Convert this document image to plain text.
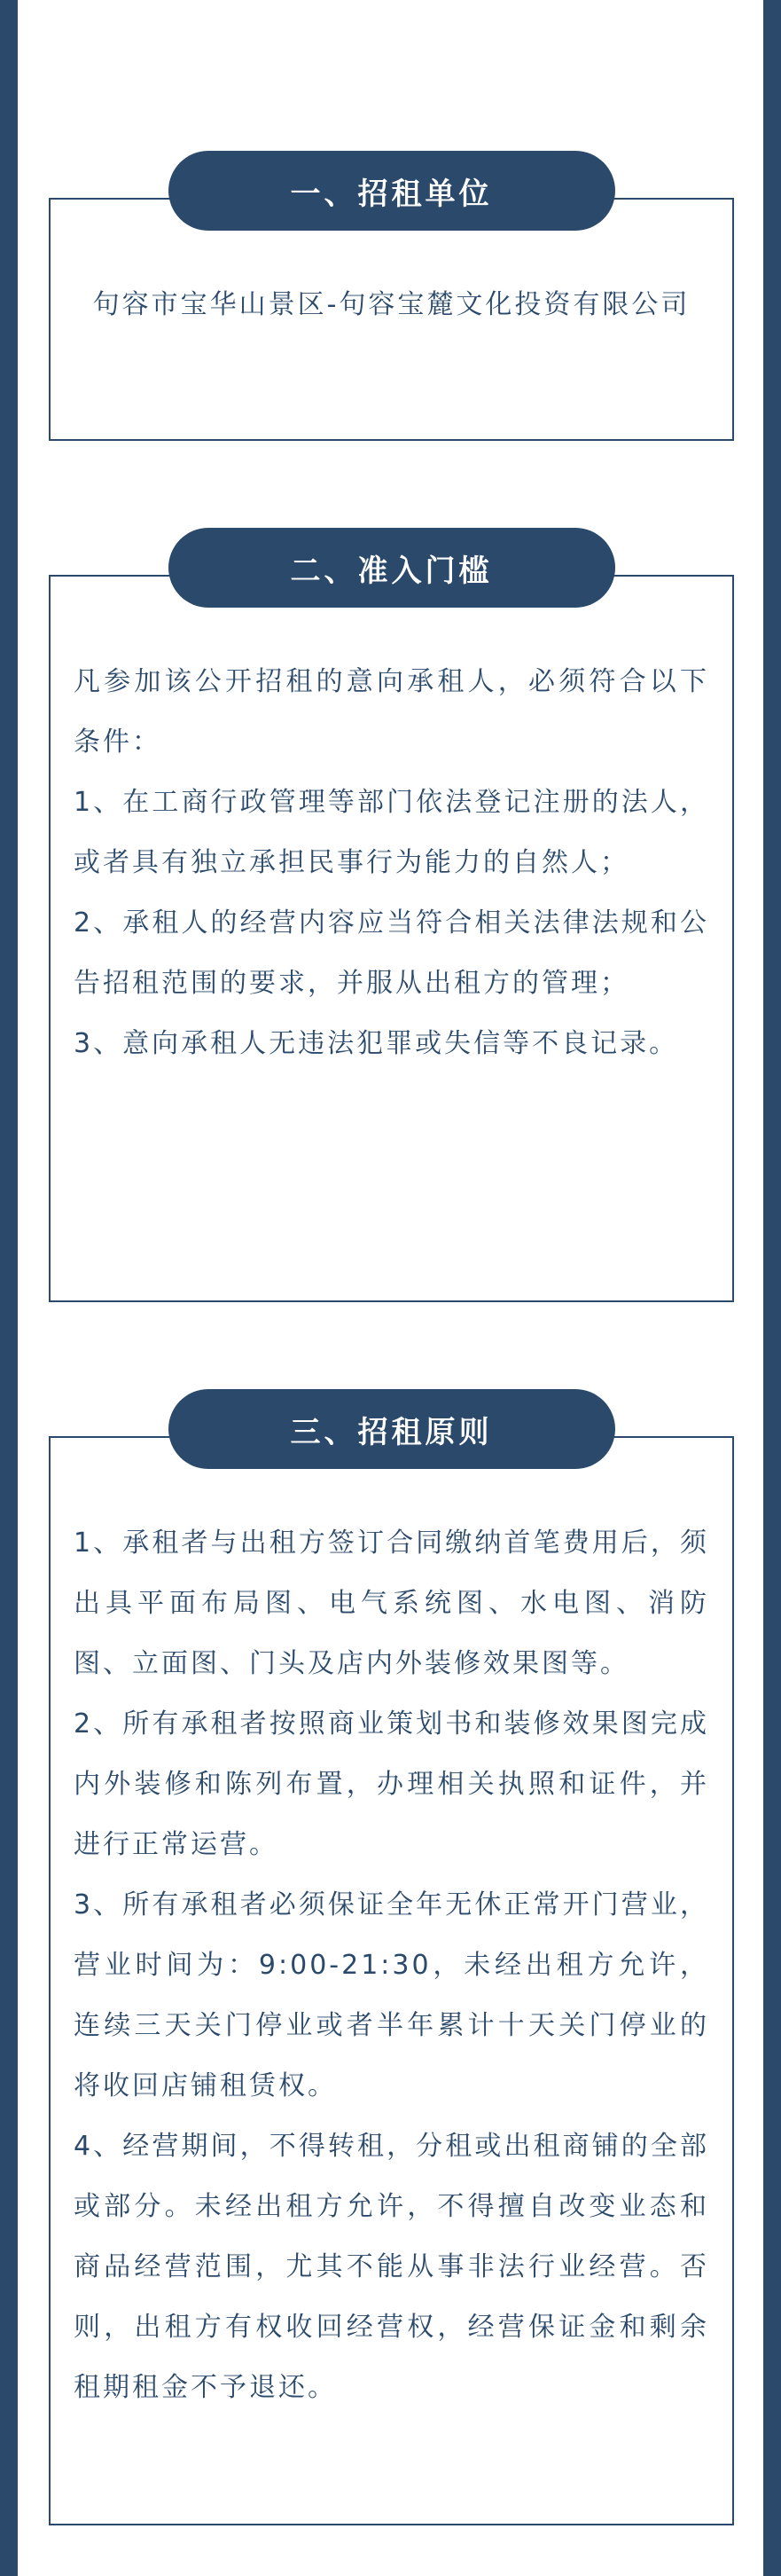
一、招租单位

句容市宝华山景区-句容宝麓文化投资有限公司

二、准入门槛

凡参加该公开招租的意向承租人，必须符合以下条件：

1、在工商行政管理等部门依法登记注册的法人，或者具有独立承担民事行为能力的自然人；

2、承租人的经营内容应当符合相关法律法规和公告招租范围的要求，并服从出租方的管理；

3、意向承租人无违法犯罪或失信等不良记录。

三、招租原则

1、承租者与出租方签订合同缴纳首笔费用后，须出具平面布局图、电气系统图、水电图、消防图、立面图、门头及店内外装修效果图等。

2、所有承租者按照商业策划书和装修效果图完成内外装修和陈列布置，办理相关执照和证件，并进行正常运营。

3、所有承租者必须保证全年无休正常开门营业，营业时间为：9:00-21:30，未经出租方允许，连续三天关门停业或者半年累计十天关门停业的将收回店铺租赁权。

4、经营期间，不得转租，分租或出租商铺的全部或部分。未经出租方允许，不得擅自改变业态和商品经营范围，尤其不能从事非法行业经营。否则，出租方有权收回经营权，经营保证金和剩余租期租金不予退还。
